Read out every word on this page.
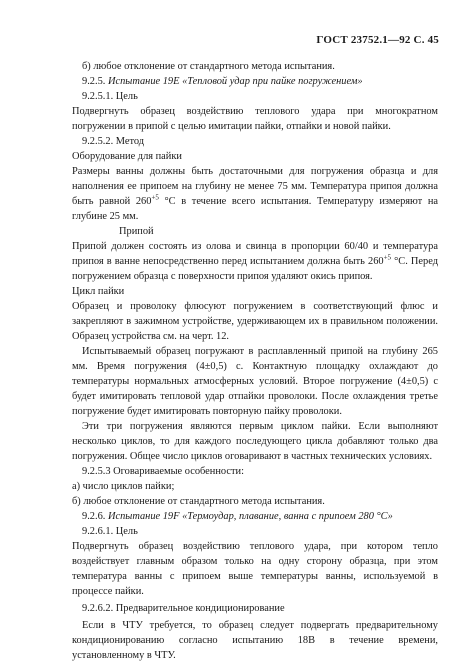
ГОСТ 23752.1—92 С. 45

б) любое отклонение от стандартного метода испытания.

9.2.5. Испытание 19Е «Тепловой удар при пайке погружением»

9.2.5.1. Цель

Подвергнуть образец воздействию теплового удара при многократном погружении в припой с целью имитации пайки, отпайки и новой пайки.

9.2.5.2. Метод

Оборудование для пайки

Размеры ванны должны быть достаточными для погружения образца и для наполнения ее припоем на глубину не менее 75 мм. Температура припоя должна быть равной $260^{+5}$ °С в течение всего испытания. Температуру измеряют на глубине 25 мм.

Припой

Припой должен состоять из олова и свинца в пропорции 60/40 и температура припоя в ванне непосредственно перед испытанием должна быть $260^{+5}$ °С. Перед погружением образца с поверхности припоя удаляют окись припоя.

Цикл пайки

Образец и проволоку флюсуют погружением в соответствующий флюс и закрепляют в зажимном устройстве, удерживающем их в правильном положении. Образец устройства см. на черт. 12.

Испытываемый образец погружают в расплавленный припой на глубину 265 мм. Время погружения (4±0,5) с. Контактную площадку охлаждают до температуры нормальных атмосферных условий. Второе погружение (4±0,5) с будет имитировать тепловой удар отпайки проволоки. После охлаждения третье погружение будет имитировать повторную пайку проволоки.

Эти три погружения являются первым циклом пайки. Если выполняют несколько циклов, то для каждого последующего цикла добавляют только два погружения. Общее число циклов оговаривают в частных технических условиях.

9.2.5.3 Оговариваемые особенности:

а) число циклов пайки;

б) любое отклонение от стандартного метода испытания.

9.2.6. Испытание 19F «Термоудар, плавание, ванна с припоем 280 °С»

9.2.6.1. Цель

Подвергнуть образец воздействию теплового удара, при котором тепло воздействует главным образом только на одну сторону образца, при этом температура ванны с припоем выше температуры ванны, используемой в процессе пайки.

9.2.6.2. Предварительное кондиционирование

Если в ЧТУ требуется, то образец следует подвергать предварительному кондиционированию согласно испытанию 18В в течение времени, установленному в ЧТУ.
